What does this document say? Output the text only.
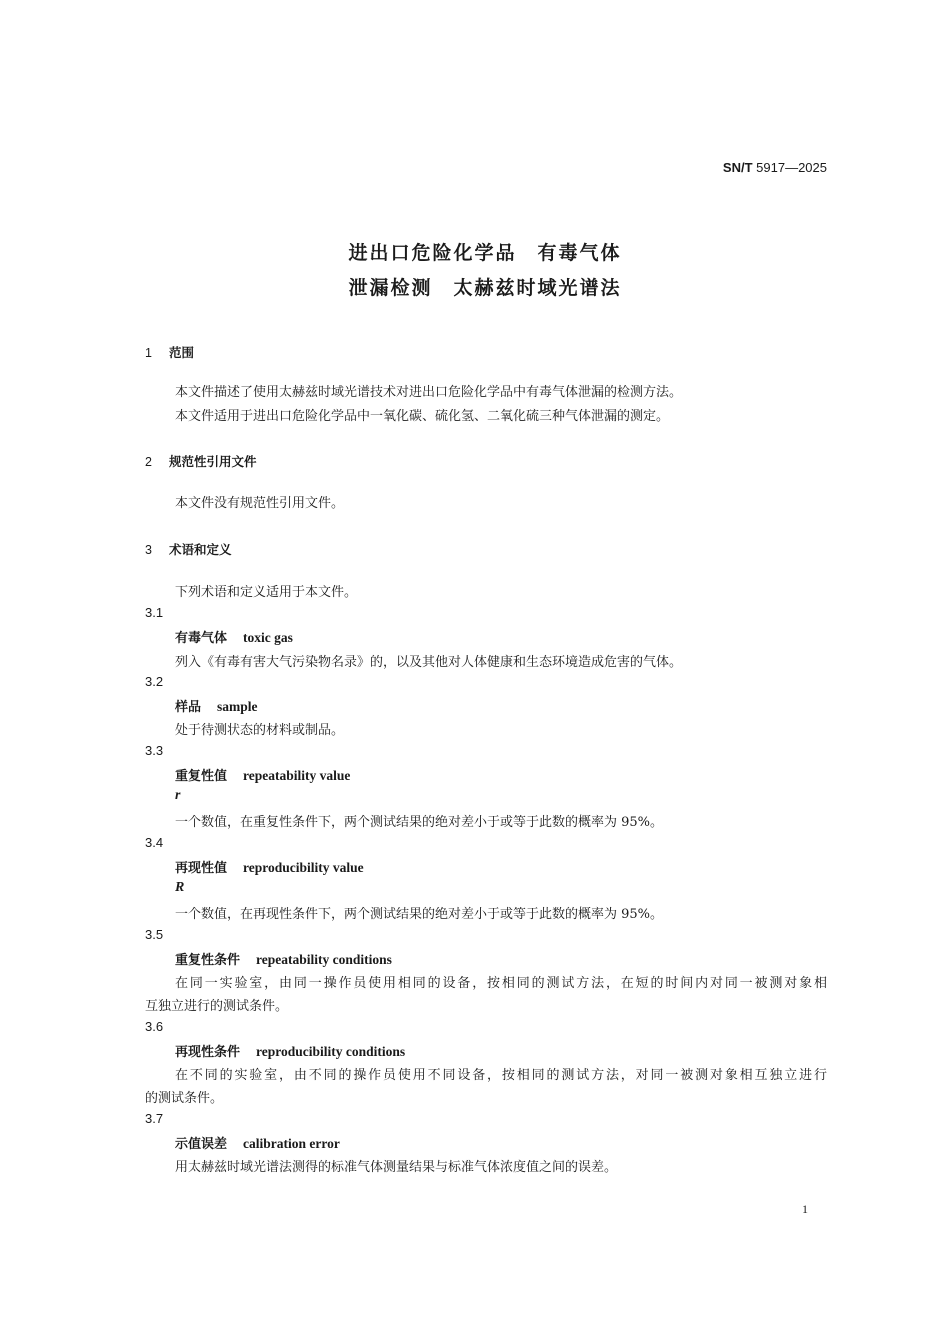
SN/T 5917—2025
进出口危险化学品　有毒气体
泄漏检测　太赫兹时域光谱法
1 范围
本文件描述了使用太赫兹时域光谱技术对进出口危险化学品中有毒气体泄漏的检测方法。
本文件适用于进出口危险化学品中一氧化碳、硫化氢、二氧化硫三种气体泄漏的测定。
2 规范性引用文件
本文件没有规范性引用文件。
3 术语和定义
下列术语和定义适用于本文件。
3.1
有毒气体 toxic gas
列入《有毒有害大气污染物名录》的，以及其他对人体健康和生态环境造成危害的气体。
3.2
样品 sample
处于待测状态的材料或制品。
3.3
重复性值 repeatability value
r
一个数值，在重复性条件下，两个测试结果的绝对差小于或等于此数的概率为 95%。
3.4
再现性值 reproducibility value
R
一个数值，在再现性条件下，两个测试结果的绝对差小于或等于此数的概率为 95%。
3.5
重复性条件 repeatability conditions
在同一实验室，由同一操作员使用相同的设备，按相同的测试方法，在短的时间内对同一被测对象相
互独立进行的测试条件。
3.6
再现性条件 reproducibility conditions
在不同的实验室，由不同的操作员使用不同设备，按相同的测试方法，对同一被测对象相互独立进行
的测试条件。
3.7
示值误差 calibration error
用太赫兹时域光谱法测得的标准气体测量结果与标准气体浓度值之间的误差。
1
